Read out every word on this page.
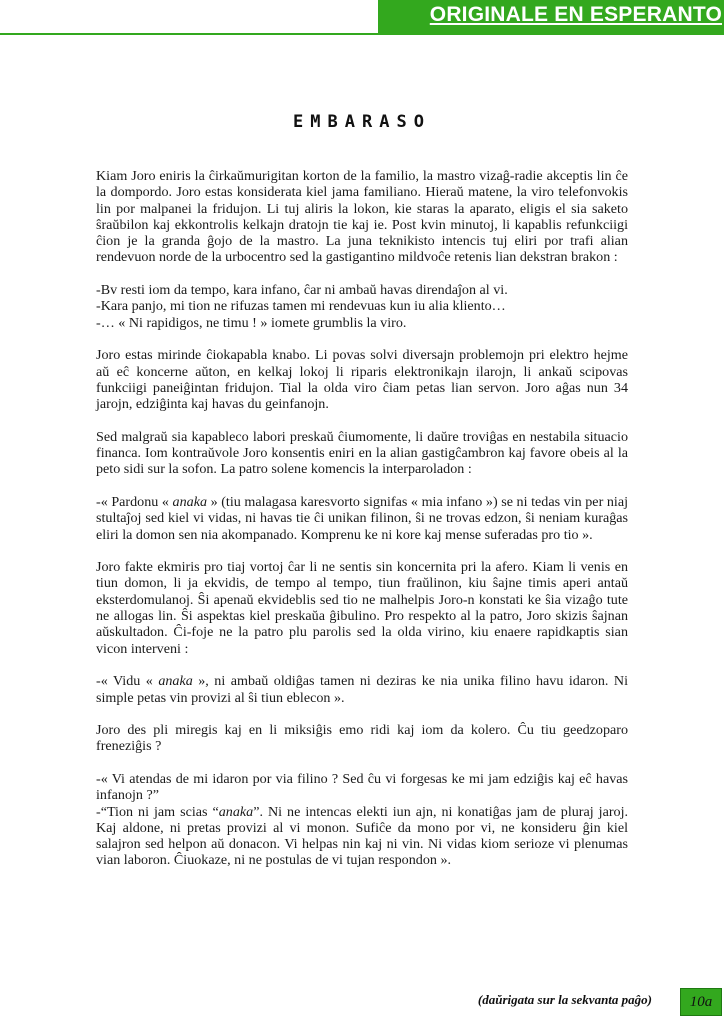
ORIGINALE EN ESPERANTO
EMBARASO

Kiam Joro eniris la ĉirkaŭmurigitan korton de la familio, la mastro vizaĝ-radie akceptis lin ĉe la dompordo. Joro estas konsiderata kiel jama familiano. Hieraŭ matene, la viro telefonvokis lin por malpanei la fridujon. Li tuj aliris la lokon, kie staras la aparato, eligis el sia saketo ŝraŭbilon kaj ekkontrolis kelkajn dratojn tie kaj ie. Post kvin minutoj, li kapablis refunkciigi ĉion je la granda ĝojo de la mastro. La juna teknikisto intencis tuj eliri por trafi alian rendevuon norde de la urbocentro sed la gastigantino mildvoĉe retenis lian dekstran brakon :

-Bv resti iom da tempo, kara infano, ĉar ni ambaŭ havas direndaĵon al vi.

-Kara panjo, mi tion ne rifuzas tamen mi rendevuas kun iu alia kliento…

-… « Ni rapidigos, ne timu ! » iomete grumblis la viro.

Joro estas mirinde ĉiokapabla knabo. Li povas solvi diversajn problemojn pri elektro hejme aŭ eĉ koncerne aŭton, en kelkaj lokoj li riparis elektronikajn ilarojn, li ankaŭ scipovas funkciigi paneiĝintan fridujon. Tial la olda viro ĉiam petas lian servon. Joro aĝas nun 34 jarojn, edziĝinta kaj havas du geinfanojn.

Sed malgraŭ sia kapableco labori preskaŭ ĉiumomente, li daŭre troviĝas en nestabila situacio financa. Iom kontraŭvole Joro konsentis eniri en la alian gastigĉambron kaj favore obeis al la peto sidi sur la sofon. La patro solene komencis la interparoladon :

-« Pardonu « anaka » (tiu malagasa karesvorto signifas « mia infano ») se ni tedas vin per niaj stultaĵoj sed kiel vi vidas, ni havas tie ĉi unikan filinon, ŝi ne trovas edzon, ŝi neniam kuraĝas eliri la domon sen nia akompanado. Komprenu ke ni kore kaj mense suferadas pro tio ».

Joro fakte ekmiris pro tiaj vortoj ĉar li ne sentis sin koncernita pri la afero. Kiam li venis en tiun domon, li ja ekvidis, de tempo al tempo, tiun fraŭlinon, kiu ŝajne timis aperi antaŭ eksterdomulanoj. Ŝi apenaŭ ekvideblis sed tio ne malhelpis Joro-n konstati ke ŝia vizaĝo tute ne allogas lin. Ŝi aspektas kiel preskaŭa ĝibulino. Pro respekto al la patro, Joro skizis ŝajnan aŭskultadon. Ĉi-foje ne la patro plu parolis sed la olda virino, kiu enaere rapidkaptis sian vicon interveni :

-« Vidu « anaka », ni ambaŭ oldiĝas tamen ni deziras ke nia unika filino havu idaron. Ni simple petas vin provizi al ŝi tiun eblecon ».

Joro des pli miregis kaj en li miksiĝis emo ridi kaj iom da kolero. Ĉu tiu geedzoparo freneziĝis ?

-« Vi atendas de mi idaron por via filino ? Sed ĉu vi forgesas ke mi jam edziĝis kaj eĉ havas infanojn ?”

-“Tion ni jam scias “anaka”. Ni ne intencas elekti iun ajn, ni konatiĝas jam de pluraj jaroj. Kaj aldone, ni pretas provizi al vi monon. Sufiĉe da mono por vi, ne konsideru ĝin kiel salajron sed helpon aŭ donacon. Vi helpas nin kaj ni vin. Ni vidas kiom serioze vi plenumas vian laboron. Ĉiuokaze, ni ne postulas de vi tujan respondon ».

(daŭrigata sur la sekvanta paĝo)	10a
